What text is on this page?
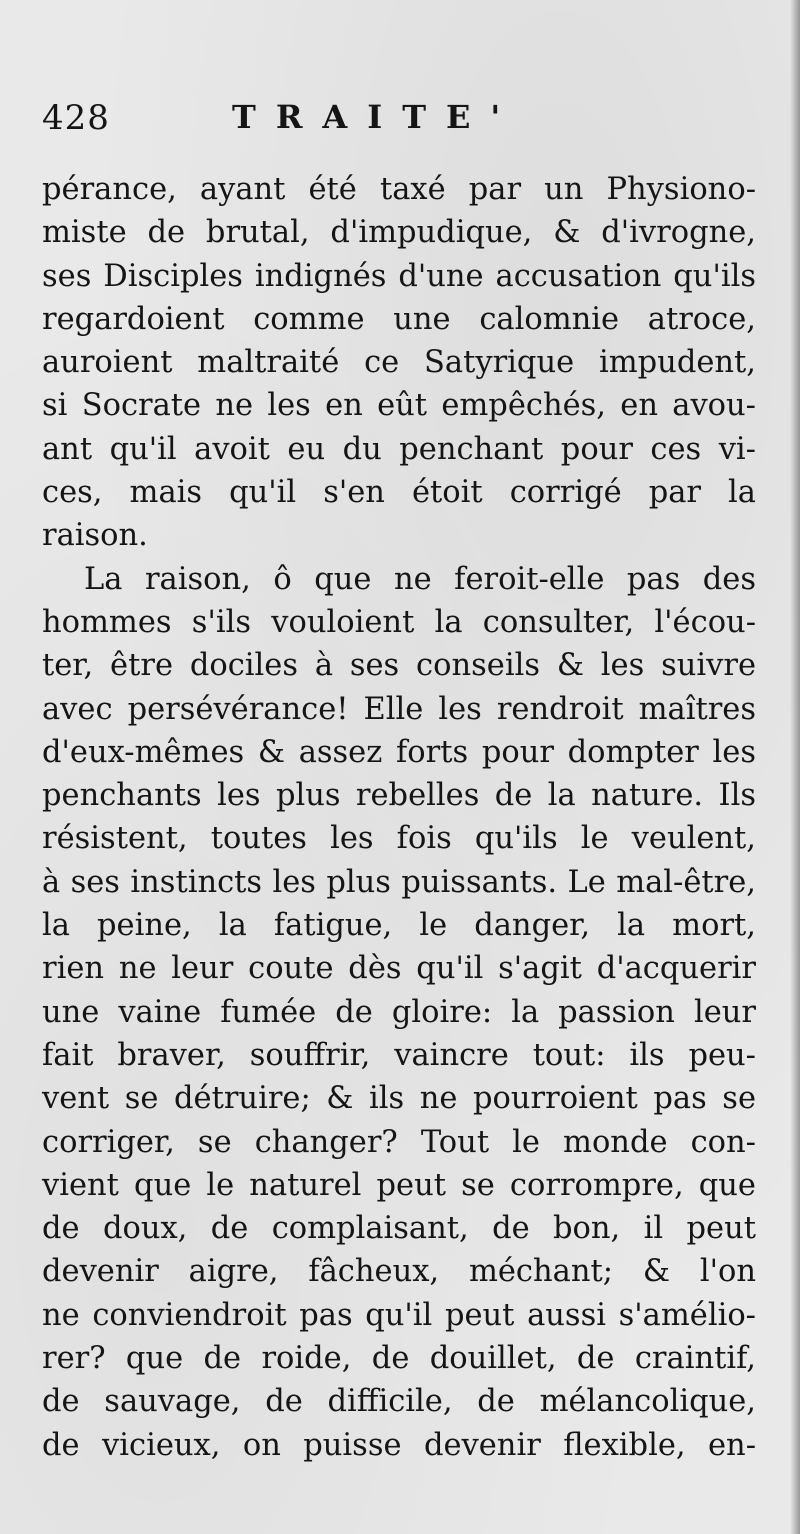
428	TRAITE'
pérance, ayant été taxé par un Physiono-
miste de brutal, d'impudique, & d'ivrogne,
ses Disciples indignés d'une accusation qu'ils
regardoient comme une calomnie atroce,
auroient maltraité ce Satyrique impudent,
si Socrate ne les en eût empêchés, en avou-
ant qu'il avoit eu du penchant pour ces vi-
ces, mais qu'il s'en étoit corrigé par la
raison.
La raison, ô que ne feroit-elle pas des
hommes s'ils vouloient la consulter, l'écou-
ter, être dociles à ses conseils & les suivre
avec persévérance! Elle les rendroit maîtres
d'eux-mêmes & assez forts pour dompter les
penchants les plus rebelles de la nature. Ils
résistent, toutes les fois qu'ils le veulent,
à ses instincts les plus puissants. Le mal-être,
la peine, la fatigue, le danger, la mort,
rien ne leur coute dès qu'il s'agit d'acquerir
une vaine fumée de gloire: la passion leur
fait braver, souffrir, vaincre tout: ils peu-
vent se détruire; & ils ne pourroient pas se
corriger, se changer? Tout le monde con-
vient que le naturel peut se corrompre, que
de doux, de complaisant, de bon, il peut
devenir aigre, fâcheux, méchant; & l'on
ne conviendroit pas qu'il peut aussi s'amélio-
rer? que de roide, de douillet, de craintif,
de sauvage, de difficile, de mélancolique,
de vicieux, on puisse devenir flexible, en-
